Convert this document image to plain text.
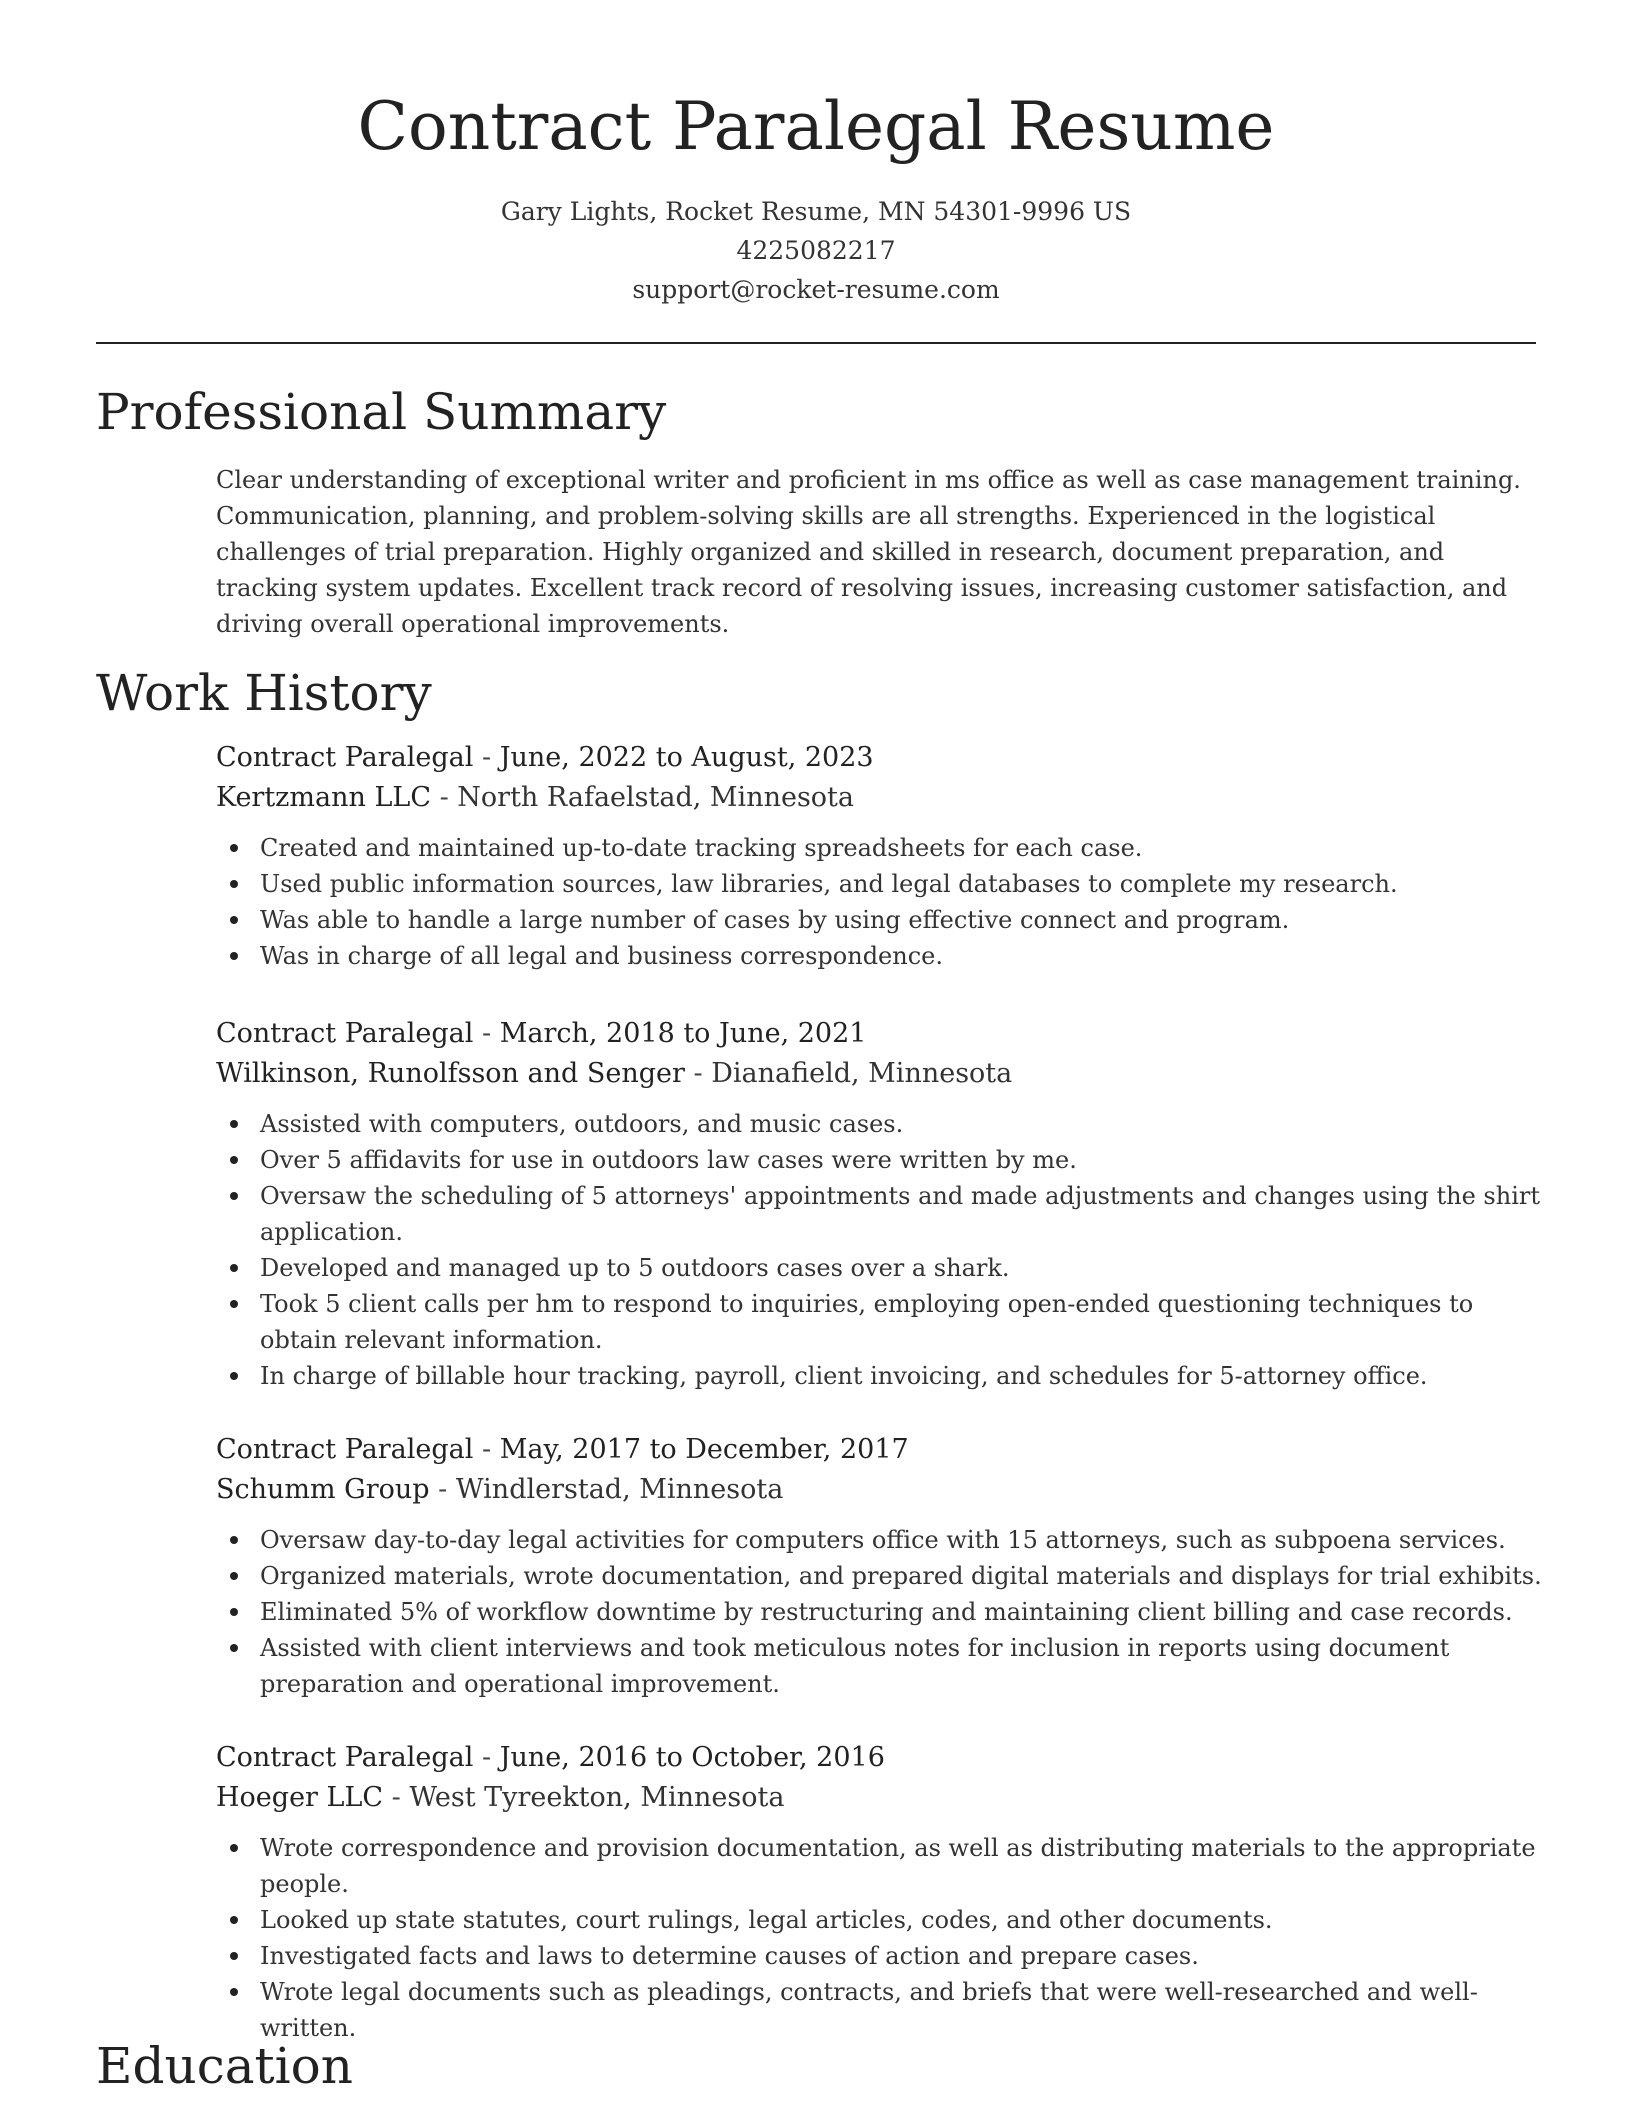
Contract Paralegal Resume
Gary Lights, Rocket Resume, MN 54301-9996 US
4225082217
support@rocket-resume.com
Professional Summary

Clear understanding of exceptional writer and proficient in ms office as well as case management training. Communication, planning, and problem-solving skills are all strengths. Experienced in the logistical challenges of trial preparation. Highly organized and skilled in research, document preparation, and tracking system updates. Excellent track record of resolving issues, increasing customer satisfaction, and driving overall operational improvements.

Work History
Contract Paralegal - June, 2022 to August, 2023
Kertzmann LLC - North Rafaelstad, Minnesota
Created and maintained up-to-date tracking spreadsheets for each case.
Used public information sources, law libraries, and legal databases to complete my research.
Was able to handle a large number of cases by using effective connect and program.
Was in charge of all legal and business correspondence.
Contract Paralegal - March, 2018 to June, 2021
Wilkinson, Runolfsson and Senger - Dianafield, Minnesota
Assisted with computers, outdoors, and music cases.
Over 5 affidavits for use in outdoors law cases were written by me.
Oversaw the scheduling of 5 attorneys' appointments and made adjustments and changes using the shirt application.
Developed and managed up to 5 outdoors cases over a shark.
Took 5 client calls per hm to respond to inquiries, employing open-ended questioning techniques to obtain relevant information.
In charge of billable hour tracking, payroll, client invoicing, and schedules for 5-attorney office.
Contract Paralegal - May, 2017 to December, 2017
Schumm Group - Windlerstad, Minnesota
Oversaw day-to-day legal activities for computers office with 15 attorneys, such as subpoena services.
Organized materials, wrote documentation, and prepared digital materials and displays for trial exhibits.
Eliminated 5% of workflow downtime by restructuring and maintaining client billing and case records.
Assisted with client interviews and took meticulous notes for inclusion in reports using document preparation and operational improvement.
Contract Paralegal - June, 2016 to October, 2016
Hoeger LLC - West Tyreekton, Minnesota
Wrote correspondence and provision documentation, as well as distributing materials to the appropriate people.
Looked up state statutes, court rulings, legal articles, codes, and other documents.
Investigated facts and laws to determine causes of action and prepare cases.
Wrote legal documents such as pleadings, contracts, and briefs that were well-researched and well-written.
Education
